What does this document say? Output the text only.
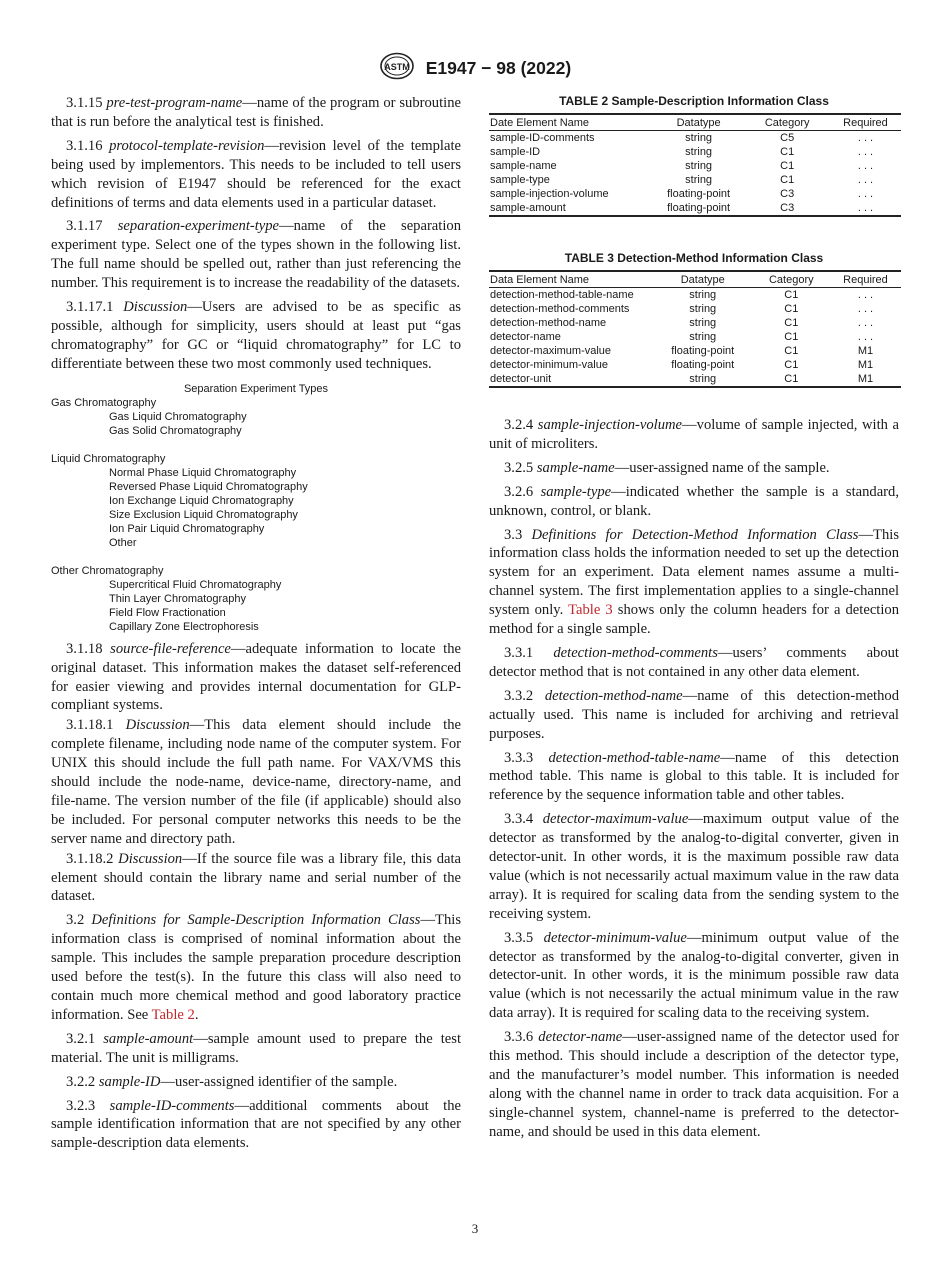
ASTM E1947 − 98 (2022)

3.1.15 pre-test-program-name—name of the program or subroutine that is run before the analytical test is finished.

3.1.16 protocol-template-revision—revision level of the template being used by implementors. This needs to be included to tell users which revision of E1947 should be referenced for the exact definitions of terms and data elements used in a particular dataset.

3.1.17 separation-experiment-type—name of the separation experiment type. Select one of the types shown in the following list. The full name should be spelled out, rather than just referencing the number. This requirement is to increase the readability of the datasets.

3.1.17.1 Discussion—Users are advised to be as specific as possible, although for simplicity, users should at least put “gas chromatography” for GC or “liquid chromatography” for LC to differentiate between these two most commonly used techniques.

Separation Experiment Types
Gas Chromatography
Gas Liquid Chromatography
Gas Solid Chromatography
Liquid Chromatography
Normal Phase Liquid Chromatography
Reversed Phase Liquid Chromatography
Ion Exchange Liquid Chromatography
Size Exclusion Liquid Chromatography
Ion Pair Liquid Chromatography
Other
Other Chromatography
Supercritical Fluid Chromatography
Thin Layer Chromatography
Field Flow Fractionation
Capillary Zone Electrophoresis

3.1.18 source-file-reference—adequate information to locate the original dataset. This information makes the dataset self-referenced for easier viewing and provides internal documentation for GLP-compliant systems.

3.1.18.1 Discussion—This data element should include the complete filename, including node name of the computer system. For UNIX this should include the full path name. For VAX/VMS this should include the node-name, device-name, directory-name, and file-name. The version number of the file (if applicable) should also be included. For personal computer networks this needs to be the server name and directory path.

3.1.18.2 Discussion—If the source file was a library file, this data element should contain the library name and serial number of the dataset.

3.2 Definitions for Sample-Description Information Class—This information class is comprised of nominal information about the sample. This includes the sample preparation procedure description used before the test(s). In the future this class will also need to contain much more chemical method and good laboratory practice information. See Table 2.

3.2.1 sample-amount—sample amount used to prepare the test material. The unit is milligrams.

3.2.2 sample-ID—user-assigned identifier of the sample.

3.2.3 sample-ID-comments—additional comments about the sample identification information that are not specified by any other sample-description data elements.

TABLE 2 Sample-Description Information Class
Date Element Name	Datatype	Category	Required
sample-ID-comments	string	C5	. . .
sample-ID	string	C1	. . .
sample-name	string	C1	. . .
sample-type	string	C1	. . .
sample-injection-volume	floating-point	C3	. . .
sample-amount	floating-point	C3	. . .
TABLE 3 Detection-Method Information Class
Data Element Name	Datatype	Category	Required
detection-method-table-name	string	C1	. . .
detection-method-comments	string	C1	. . .
detection-method-name	string	C1	. . .
detector-name	string	C1	. . .
detector-maximum-value	floating-point	C1	M1
detector-minimum-value	floating-point	C1	M1
detector-unit	string	C1	M1

3.2.4 sample-injection-volume—volume of sample injected, with a unit of microliters.

3.2.5 sample-name—user-assigned name of the sample.

3.2.6 sample-type—indicated whether the sample is a standard, unknown, control, or blank.

3.3 Definitions for Detection-Method Information Class—This information class holds the information needed to set up the detection system for an experiment. Data element names assume a multi-channel system. The first implementation applies to a single-channel system only. Table 3 shows only the column headers for a detection method for a single sample.

3.3.1 detection-method-comments—users’ comments about detector method that is not contained in any other data element.

3.3.2 detection-method-name—name of this detection-method actually used. This name is included for archiving and retrieval purposes.

3.3.3 detection-method-table-name—name of this detection method table. This name is global to this table. It is included for reference by the sequence information table and other tables.

3.3.4 detector-maximum-value—maximum output value of the detector as transformed by the analog-to-digital converter, given in detector-unit. In other words, it is the maximum possible raw data value (which is not necessarily actual maximum value in the raw data array). It is required for scaling data from the sending system to the receiving system.

3.3.5 detector-minimum-value—minimum output value of the detector as transformed by the analog-to-digital converter, given in detector-unit. In other words, it is the minimum possible raw data value (which is not necessarily the actual minimum value in the raw data array). It is required for scaling data to the receiving system.

3.3.6 detector-name—user-assigned name of the detector used for this method. This should include a description of the detector type, and the manufacturer’s model number. This information is needed along with the channel name in order to track data acquisition. For a single-channel system, channel-name is preferred to the detector-name, and should be used in this data element.

3
